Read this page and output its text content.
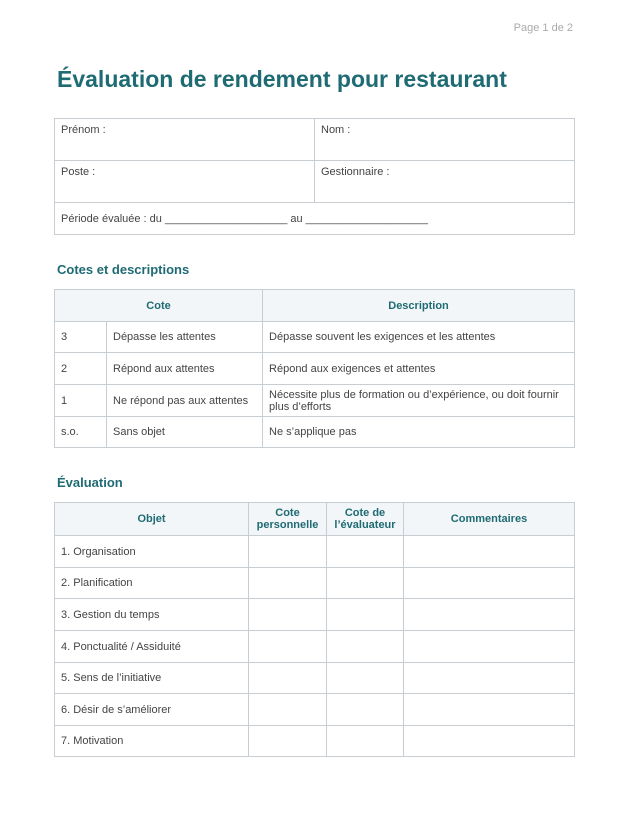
Page 1 de 2
Évaluation de rendement pour restaurant
Prénom :	Nom :
Poste :	Gestionnaire :
Période évaluée : du ____________________ au ____________________	
Cotes et descriptions
Cote		Description
3	Dépasse les attentes	Dépasse souvent les exigences et les attentes
2	Répond aux attentes	Répond aux exigences et attentes
1	Ne répond pas aux attentes	Nécessite plus de formation ou d’expérience, ou doit fournir plus d’efforts
s.o.	Sans objet	Ne s’applique pas
Évaluation
Objet	Cote personnelle	Cote de l’évaluateur	Commentaires
1. Organisation			
2. Planification			
3. Gestion du temps			
4. Ponctualité / Assiduité			
5. Sens de l’initiative			
6. Désir de s’améliorer			
7. Motivation			
